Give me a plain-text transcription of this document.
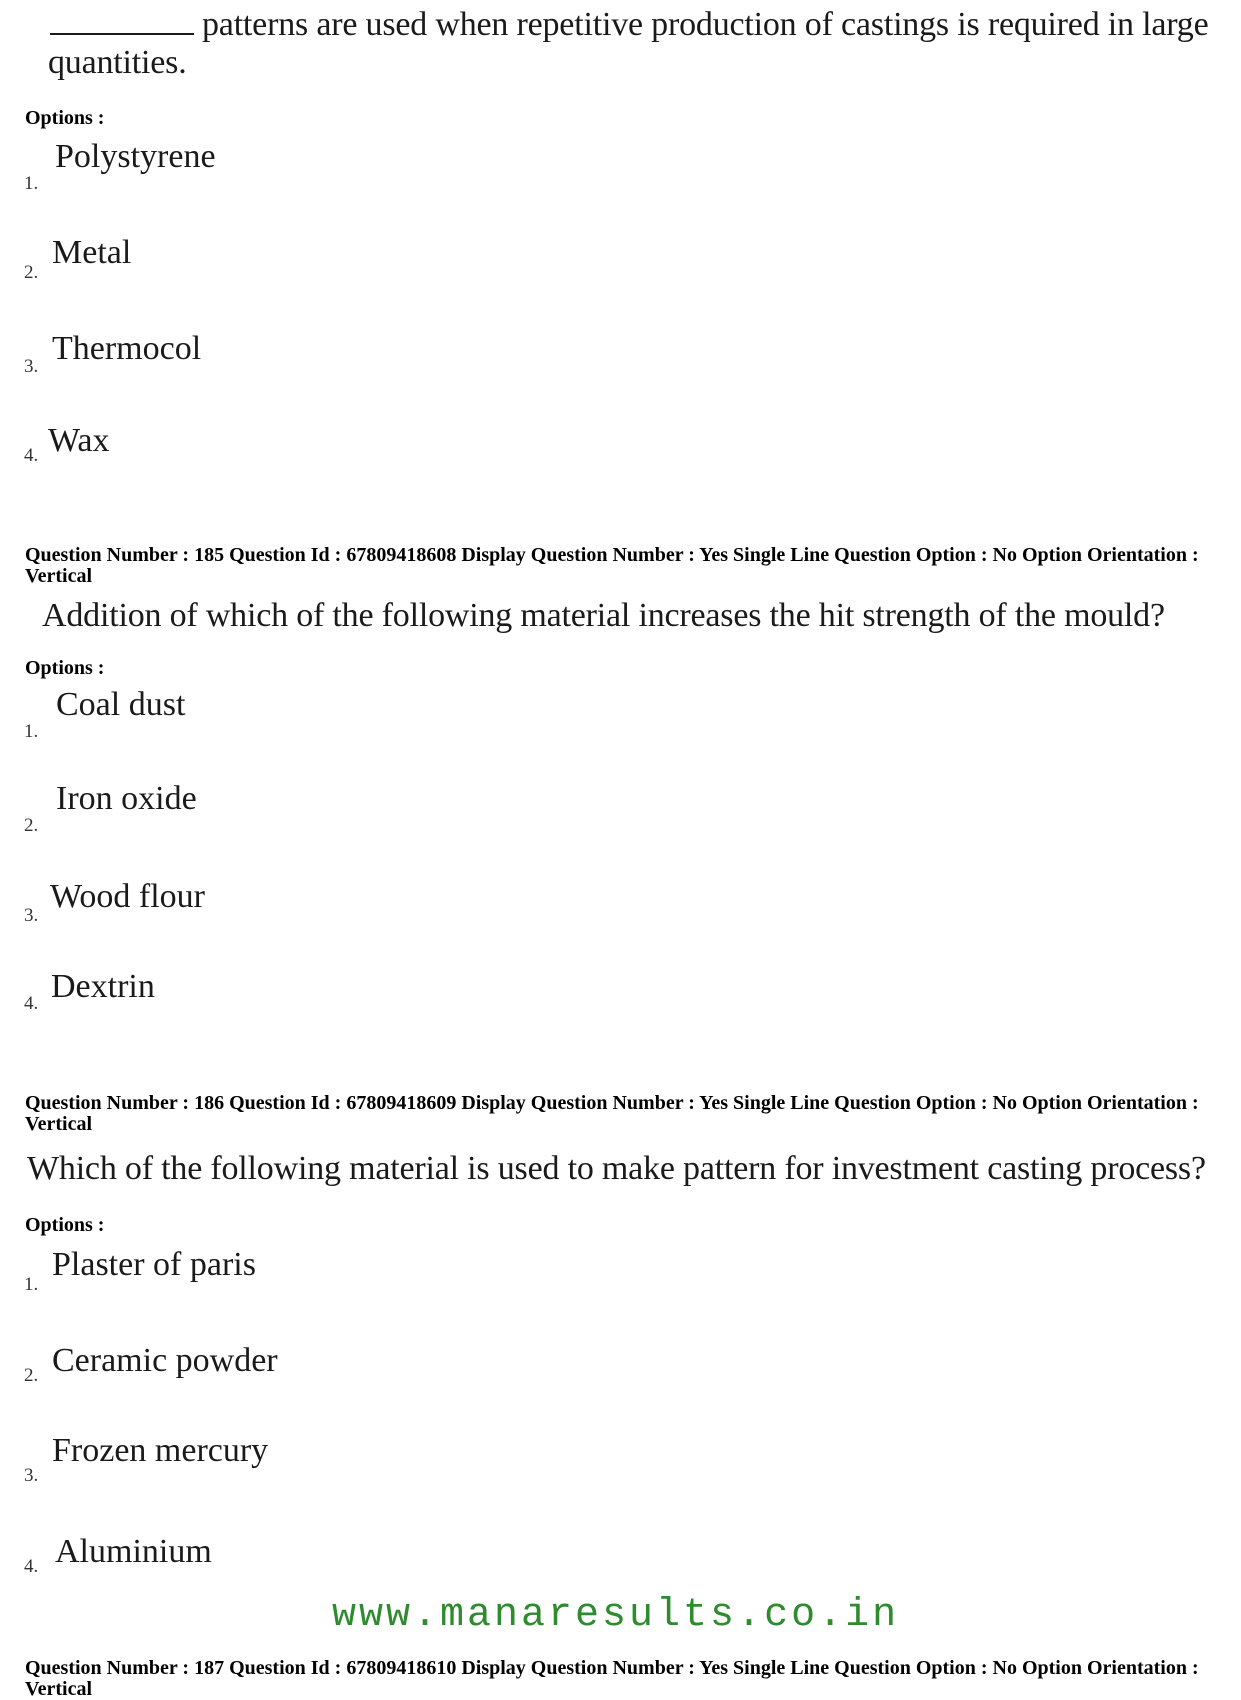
patterns are used when repetitive production of castings is required in large
quantities.
Options :
1.
Polystyrene
2.
Metal
3. Thermocol
4. Wax
Question Number : 185 Question Id : 67809418608 Display Question Number : Yes Single Line Question Option : No Option Orientation : Vertical
Addition of which of the following material increases the hit strength of the mould?
Options :
1.
Coal dust
2.
Iron oxide
3.
Wood flour
4. Dextrin
Question Number : 186 Question Id : 67809418609 Display Question Number : Yes Single Line Question Option : No Option Orientation : Vertical
Which of the following material is used to make pattern for investment casting process?
Options :
1.
Plaster of paris
2. Ceramic powder
3.
Frozen mercury
4. Aluminium
www.manaresults.co.in
Question Number : 187 Question Id : 67809418610 Display Question Number : Yes Single Line Question Option : No Option Orientation : Vertical
